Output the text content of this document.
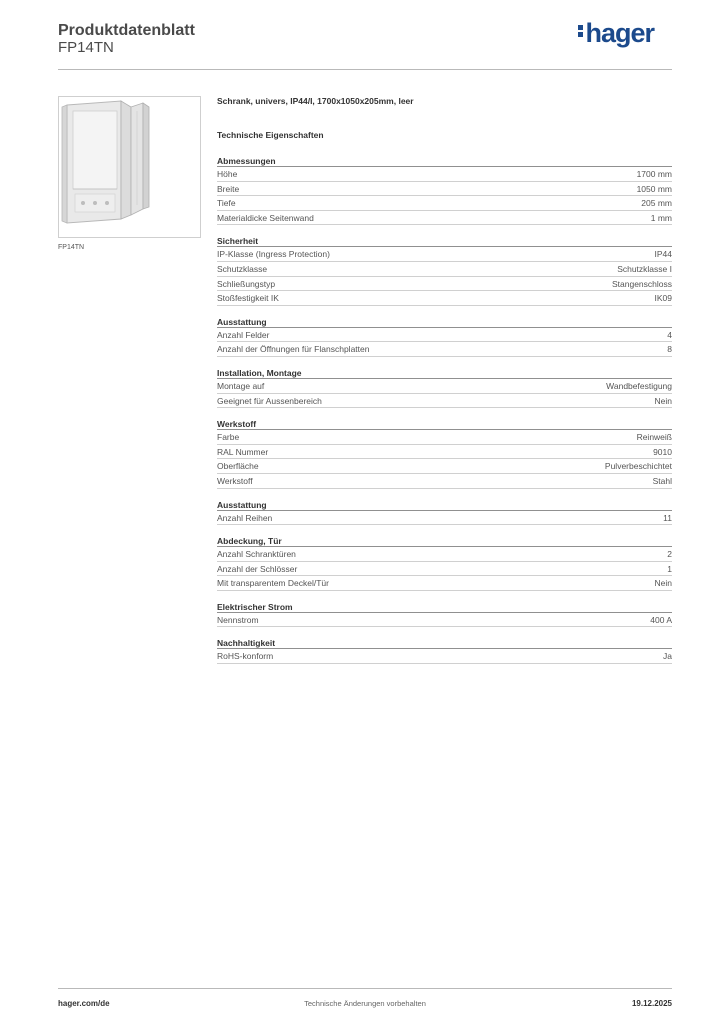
Produktdatenblatt
FP14TN	hager
FP14TN
Schrank, univers, IP44/I, 1700x1050x205mm, leer
Technische Eigenschaften
Abmessungen
Höhe	1700 mm
Breite	1050 mm
Tiefe	205 mm
Materialdicke Seitenwand	1 mm
Sicherheit
IP-Klasse (Ingress Protection)	IP44
Schutzklasse	Schutzklasse I
Schließungstyp	Stangenschloss
Stoßfestigkeit IK	IK09
Ausstattung
Anzahl Felder	4
Anzahl der Öffnungen für Flanschplatten	8
Installation, Montage
Montage auf	Wandbefestigung
Geeignet für Aussenbereich	Nein
Werkstoff
Farbe	Reinweiß
RAL Nummer	9010
Oberfläche	Pulverbeschichtet
Werkstoff	Stahl
Ausstattung
Anzahl Reihen	11
Abdeckung, Tür
Anzahl Schranktüren	2
Anzahl der Schlösser	1
Mit transparentem Deckel/Tür	Nein
Elektrischer Strom
Nennstrom	400 A
Nachhaltigkeit
RoHS-konform	Ja
hager.com/de	Technische Änderungen vorbehalten	19.12.2025
